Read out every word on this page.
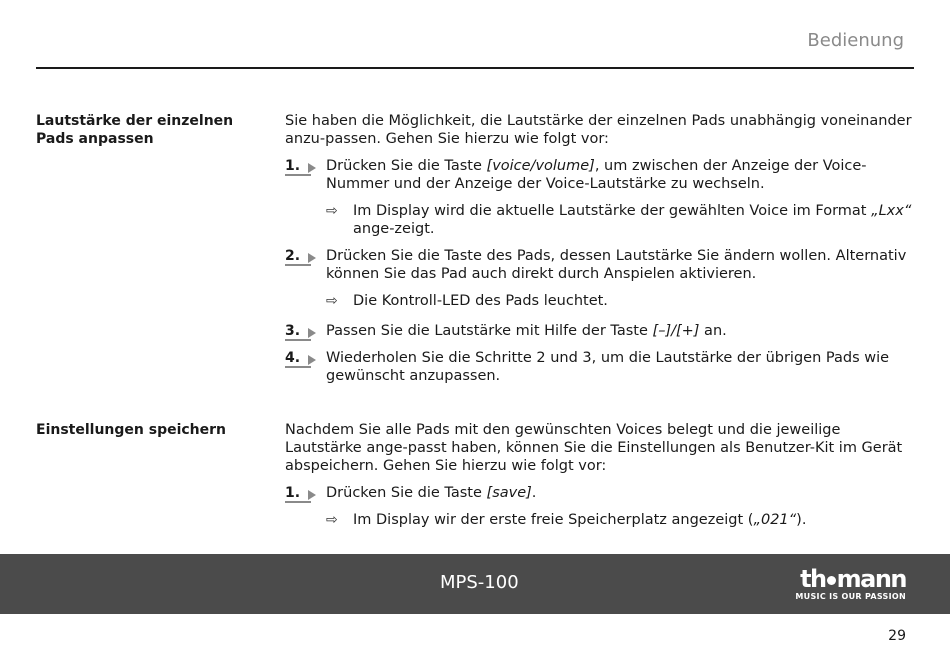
Bedienung
Lautstärke der einzelnen Pads anpassen

Sie haben die Möglichkeit, die Lautstärke der einzelnen Pads unabhängig voneinander anzu-passen. Gehen Sie hierzu wie folgt vor:

1. Drücken Sie die Taste [voice/volume], um zwischen der Anzeige der Voice-Nummer und der Anzeige der Voice-Lautstärke zu wechseln.
⇨ Im Display wird die aktuelle Lautstärke der gewählten Voice im Format „Lxx“ ange-zeigt.
2. Drücken Sie die Taste des Pads, dessen Lautstärke Sie ändern wollen. Alternativ können Sie das Pad auch direkt durch Anspielen aktivieren.
⇨ Die Kontroll-LED des Pads leuchtet.
3. Passen Sie die Lautstärke mit Hilfe der Taste [–]/[+] an.
4. Wiederholen Sie die Schritte 2 und 3, um die Lautstärke der übrigen Pads wie gewünscht anzupassen.
Einstellungen speichern	Nachdem Sie alle Pads mit den gewünschten Voices belegt und die jeweilige Lautstärke ange-passt haben, können Sie die Einstellungen als Benutzer-Kit im Gerät abspeichern. Gehen Sie hierzu wie folgt vor:

1. Drücken Sie die Taste [save].
⇨ Im Display wir der erste freie Speicherplatz angezeigt („021“).
MPS-100	th mann
MUSIC IS OUR PASSION
29
